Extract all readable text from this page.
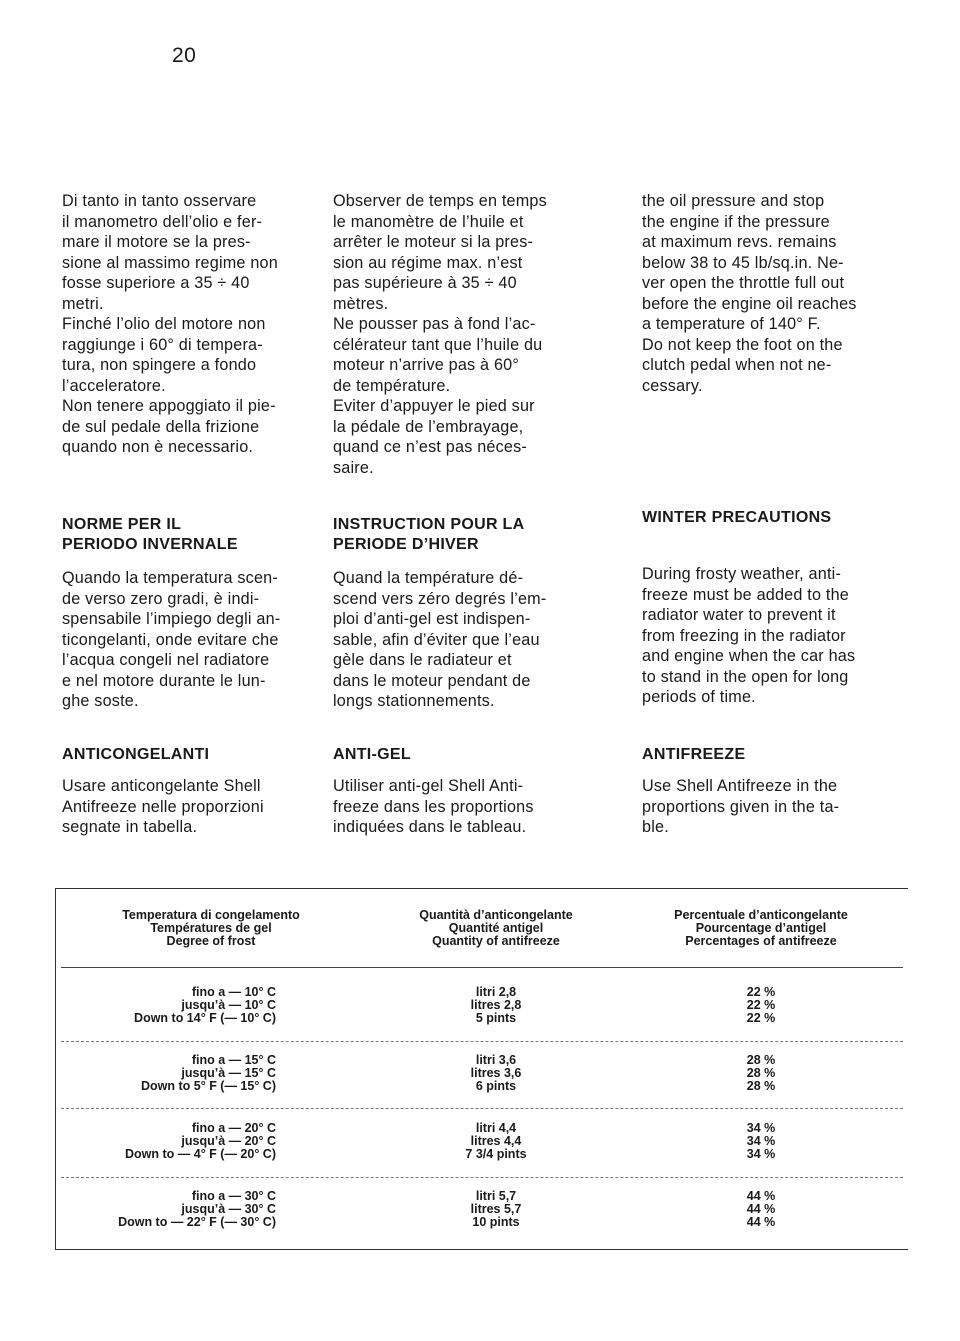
20

Di tanto in tanto osservare
il manometro dell’olio e fer-
mare il motore se la pres-
sione al massimo regime non
fosse superiore a 35 ÷ 40
metri.
Finché l’olio del motore non
raggiunge i 60° di tempera-
tura, non spingere a fondo
l’acceleratore.
Non tenere appoggiato il pie-
de sul pedale della frizione
quando non è necessario.

NORME PER IL
PERIODO INVERNALE

Quando la temperatura scen-
de verso zero gradi, è indi-
spensabile l’impiego degli an-
ticongelanti, onde evitare che
l’acqua congeli nel radiatore
e nel motore durante le lun-
ghe soste.

ANTICONGELANTI

Usare anticongelante Shell
Antifreeze nelle proporzioni
segnate in tabella.

Observer de temps en temps
le manomètre de l’huile et
arrêter le moteur si la pres-
sion au régime max. n’est
pas supérieure à 35 ÷ 40
mètres.
Ne pousser pas à fond l’ac-
célérateur tant que l’huile du
moteur n’arrive pas à 60°
de température.
Eviter d’appuyer le pied sur
la pédale de l’embrayage,
quand ce n’est pas néces-
saire.

INSTRUCTION POUR LA
PERIODE D’HIVER

Quand la température dé-
scend vers zéro degrés l’em-
ploi d’anti-gel est indispen-
sable, afin d’éviter que l’eau
gèle dans le radiateur et
dans le moteur pendant de
longs stationnements.

ANTI-GEL

Utiliser anti-gel Shell Anti-
freeze dans les proportions
indiquées dans le tableau.

the oil pressure and stop
the engine if the pressure
at maximum revs. remains
below 38 to 45 lb/sq.in. Ne-
ver open the throttle full out
before the engine oil reaches
a temperature of 140° F.
Do not keep the foot on the
clutch pedal when not ne-
cessary.

WINTER PRECAUTIONS

During frosty weather, anti-
freeze must be added to the
radiator water to prevent it
from freezing in the radiator
and engine when the car has
to stand in the open for long
periods of time.

ANTIFREEZE

Use Shell Antifreeze in the
proportions given in the ta-
ble.

Temperatura di congelamento
Températures de gel
Degree of frost
Quantità d’anticongelante
Quantité antigel
Quantity of antifreeze
Percentuale d’anticongelante
Pourcentage d’antigel
Percentages of antifreeze
fino a — 10° C
jusqu’à — 10° C
Down to 14° F (— 10° C)
litri 2,8
litres 2,8
5 pints
22 %
22 %
22 %
fino a — 15° C
jusqu’à — 15° C
Down to 5° F (— 15° C)
litri 3,6
litres 3,6
6 pints
28 %
28 %
28 %
fino a — 20° C
jusqu’à — 20° C
Down to — 4° F (— 20° C)
litri 4,4
litres 4,4
7 3/4 pints
34 %
34 %
34 %
fino a — 30° C
jusqu’à — 30° C
Down to — 22° F (— 30° C)
litri 5,7
litres 5,7
10 pints
44 %
44 %
44 %
